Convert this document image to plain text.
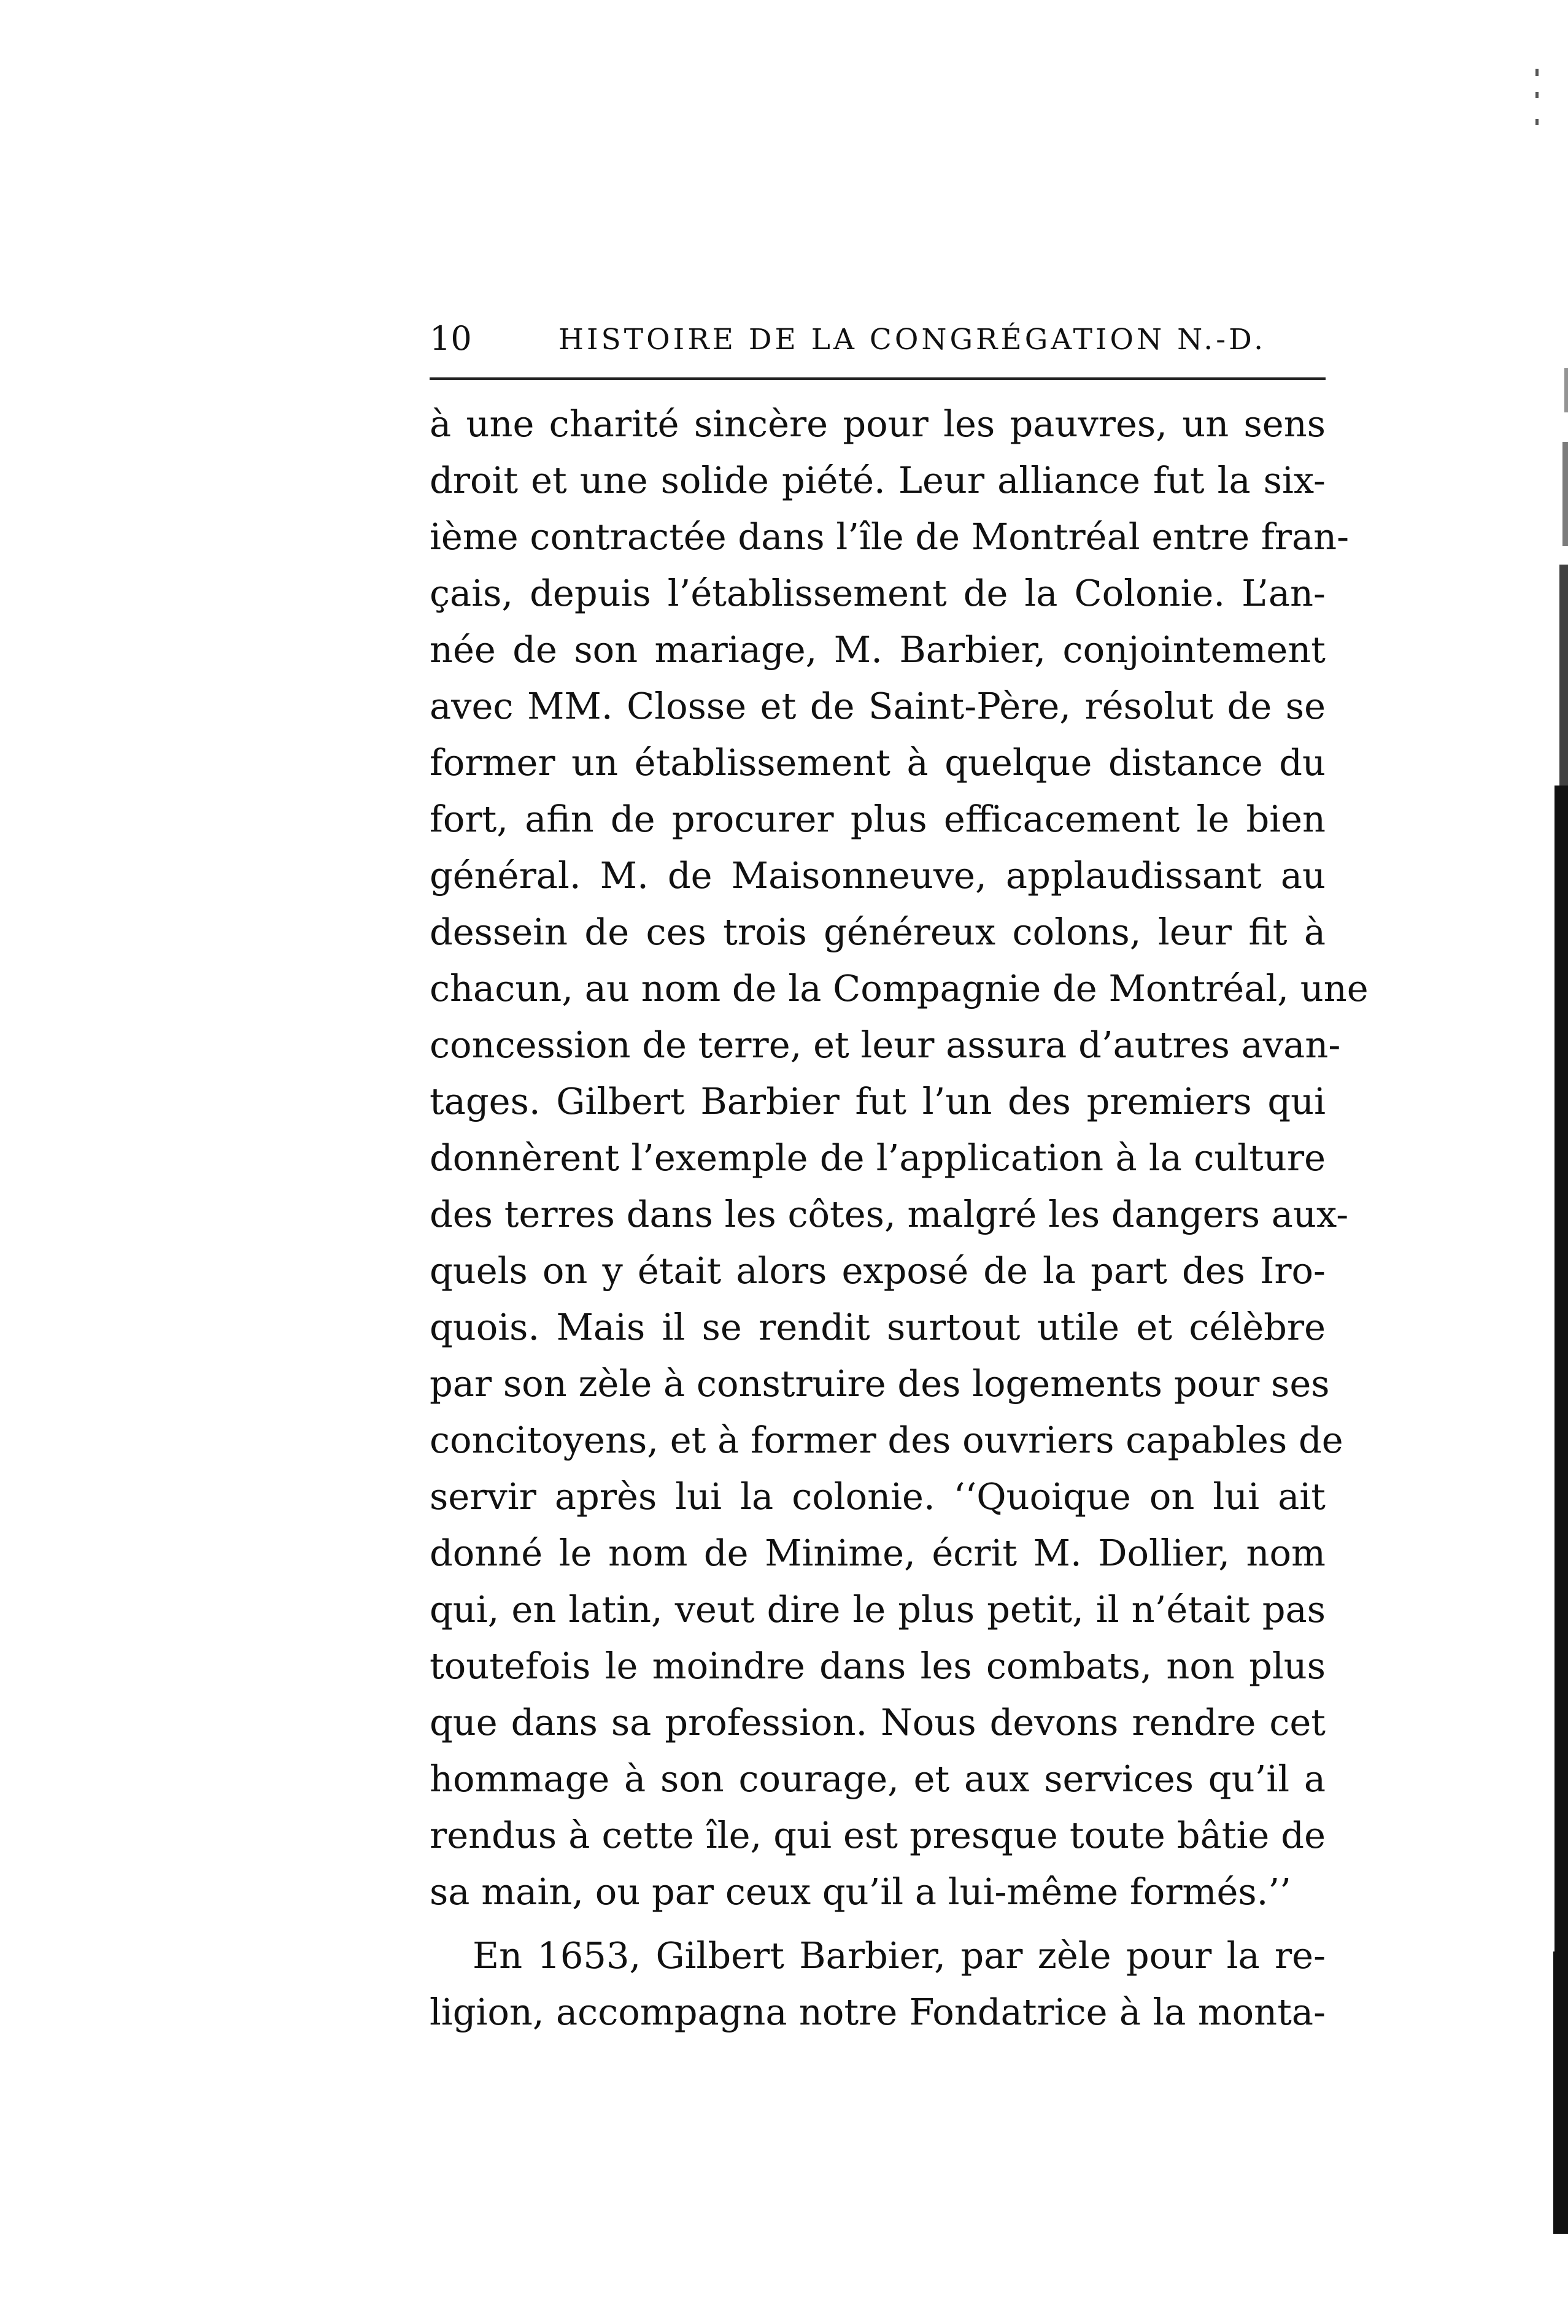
10	HISTOIRE DE LA CONGRÉGATION N.-D.
à une charité sincère pour les pauvres, un sens
droit et une solide piété. Leur alliance fut la six-
ième contractée dans l’île de Montréal entre fran-
çais, depuis l’établissement de la Colonie. L’an-
née de son mariage, M. Barbier, conjointement
avec MM. Closse et de Saint-Père, résolut de se
former un établissement à quelque distance du
fort, afin de procurer plus efficacement le bien
général. M. de Maisonneuve, applaudissant au
dessein de ces trois généreux colons, leur fit à
chacun, au nom de la Compagnie de Montréal, une
concession de terre, et leur assura d’autres avan-
tages. Gilbert Barbier fut l’un des premiers qui
donnèrent l’exemple de l’application à la culture
des terres dans les côtes, malgré les dangers aux-
quels on y était alors exposé de la part des Iro-
quois. Mais il se rendit surtout utile et célèbre
par son zèle à construire des logements pour ses
concitoyens, et à former des ouvriers capables de
servir après lui la colonie. ‘‘Quoique on lui ait
donné le nom de Minime, écrit M. Dollier, nom
qui, en latin, veut dire le plus petit, il n’était pas
toutefois le moindre dans les combats, non plus
que dans sa profession. Nous devons rendre cet
hommage à son courage, et aux services qu’il a
rendus à cette île, qui est presque toute bâtie de
sa main, ou par ceux qu’il a lui-même formés.’’
En 1653, Gilbert Barbier, par zèle pour la re-
ligion, accompagna notre Fondatrice à la monta-
